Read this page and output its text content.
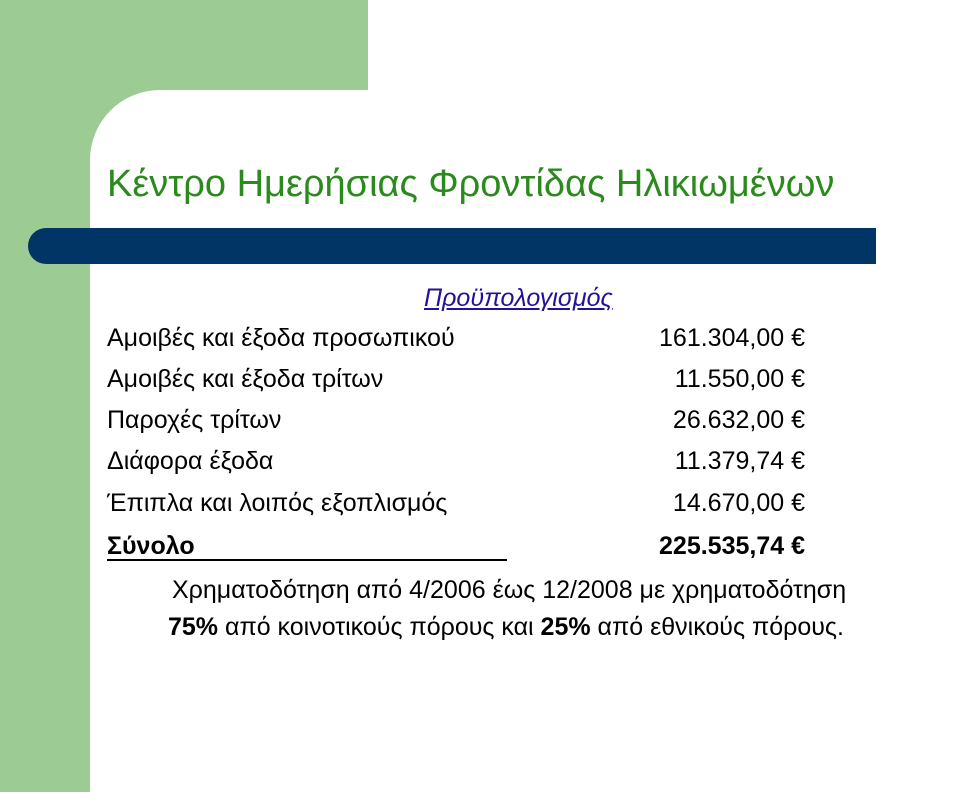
Κέντρο Ημερήσιας Φροντίδας Ηλικιωμένων
Προϋπολογισμός
Αμοιβές και έξοδα προσωπικού	161.304,00 €
Αμοιβές και έξοδα τρίτων	11.550,00 €
Παροχές τρίτων	26.632,00 €
Διάφορα έξοδα	11.379,74 €
Έπιπλα και λοιπός εξοπλισμός	14.670,00 €
Σύνολο	225.535,74 €
Χρηματοδότηση από 4/2006 έως 12/2008 με χρηματοδότηση
75% από κοινοτικούς πόρους και 25% από εθνικούς πόρους.
